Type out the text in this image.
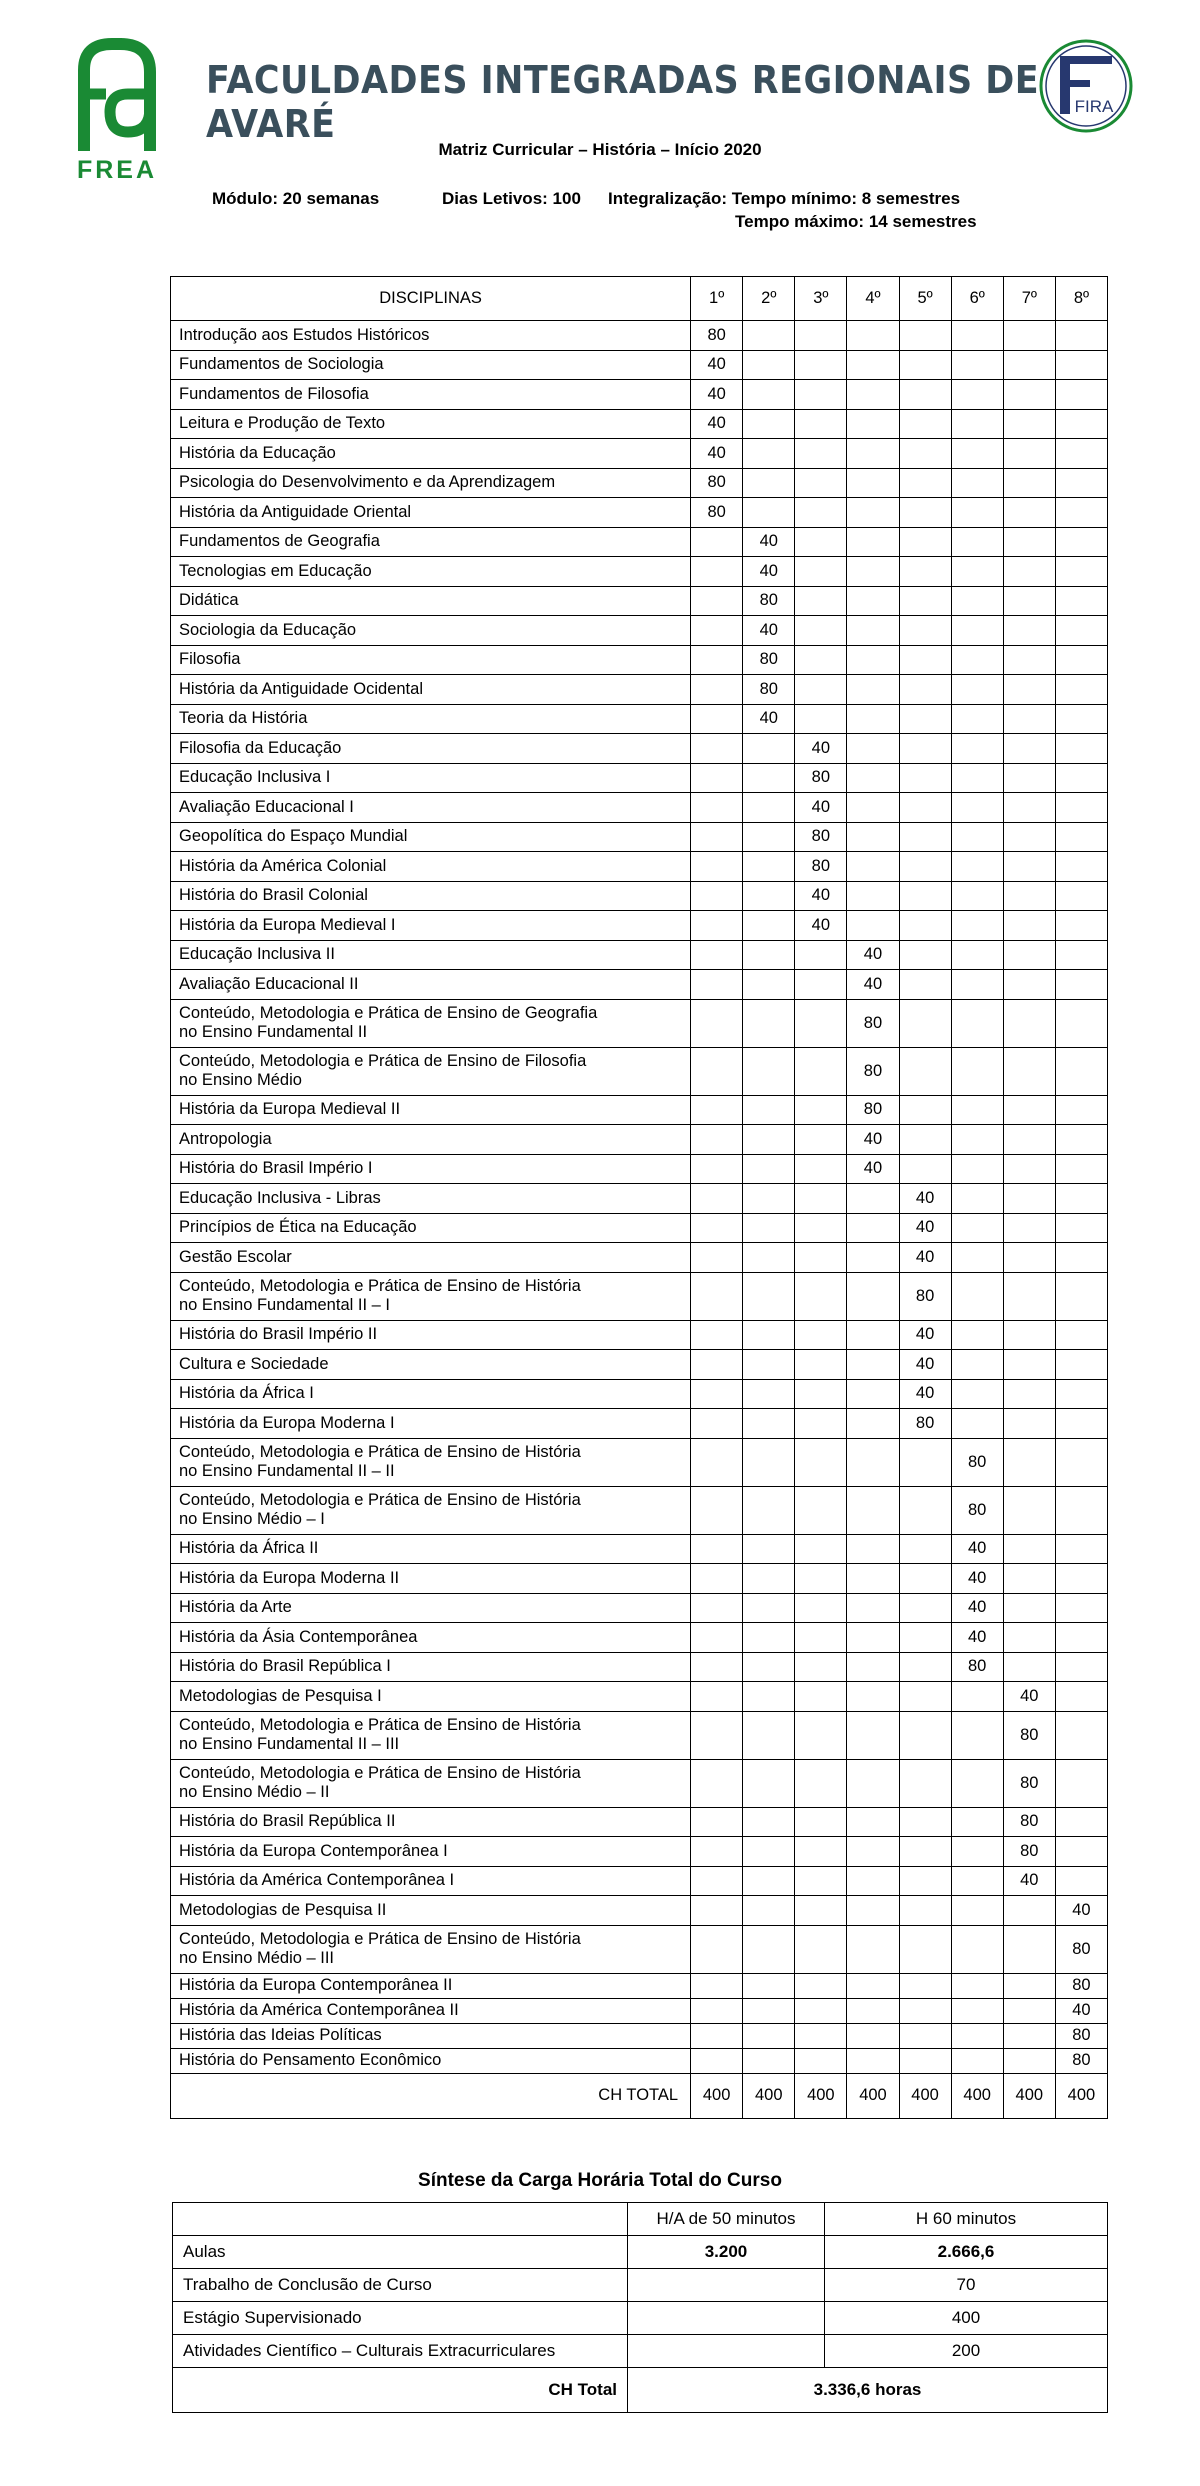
FREA
FACULDADES INTEGRADAS REGIONAIS DE AVARÉ	FIRA
Matriz Curricular – História – Início 2020
Módulo: 20 semanas	Dias Letivos: 100 Integralização: Tempo mínimo: 8 semestres
Tempo máximo: 14 semestres
DISCIPLINAS	1º	2º	3º	4º	5º	6º	7º	8º

Introdução aos Estudos Históricos	80							

Fundamentos de Sociologia	40							

Fundamentos de Filosofia	40							

Leitura e Produção de Texto	40							

História da Educação	40							

Psicologia do Desenvolvimento e da Aprendizagem	80							

História da Antiguidade Oriental	80							

Fundamentos de Geografia		40						

Tecnologias em Educação		40						

Didática		80						

Sociologia da Educação		40						

Filosofia		80						

História da Antiguidade Ocidental		80						

Teoria da História		40						

Filosofia da Educação			40					

Educação Inclusiva I			80					

Avaliação Educacional I			40					

Geopolítica do Espaço Mundial			80					

História da América Colonial			80					

História do Brasil Colonial			40					

História da Europa Medieval I			40					

Educação Inclusiva II				40				

Avaliação Educacional II				40				

Conteúdo, Metodologia e Prática de Ensino de Geografia
no Ensino Fundamental II				80				

Conteúdo, Metodologia e Prática de Ensino de Filosofia
no Ensino Médio				80				

História da Europa Medieval II				80				

Antropologia				40				

História do Brasil Império I				40				

Educação Inclusiva - Libras					40			

Princípios de Ética na Educação					40			

Gestão Escolar					40			

Conteúdo, Metodologia e Prática de Ensino de História
no Ensino Fundamental II – I					80			

História do Brasil Império II					40			

Cultura e Sociedade					40			

História da África I					40			

História da Europa Moderna I					80			

Conteúdo, Metodologia e Prática de Ensino de História
no Ensino Fundamental II – II						80		

Conteúdo, Metodologia e Prática de Ensino de História
no Ensino Médio – I						80		

História da África II						40		

História da Europa Moderna II						40		

História da Arte						40		

História da Ásia Contemporânea						40		

História do Brasil República I						80		

Metodologias de Pesquisa I							40	

Conteúdo, Metodologia e Prática de Ensino de História
no Ensino Fundamental II – III							80	

Conteúdo, Metodologia e Prática de Ensino de História
no Ensino Médio – II							80	

História do Brasil República II							80	

História da Europa Contemporânea I							80	

História da América Contemporânea I							40	

Metodologias de Pesquisa II								40

Conteúdo, Metodologia e Prática de Ensino de História
no Ensino Médio – III								80

História da Europa Contemporânea II								80

História da América Contemporânea II								40

História das Ideias Políticas								80

História do Pensamento Econômico								80
CH TOTAL	400	400	400	400	400	400	400	400
Síntese da Carga Horária Total do Curso
	H/A de 50 minutos	H 60 minutos
Aulas	3.200	2.666,6
Trabalho de Conclusão de Curso		70
Estágio Supervisionado		400
Atividades Científico – Culturais Extracurriculares		200
CH Total	3.336,6 horas	
